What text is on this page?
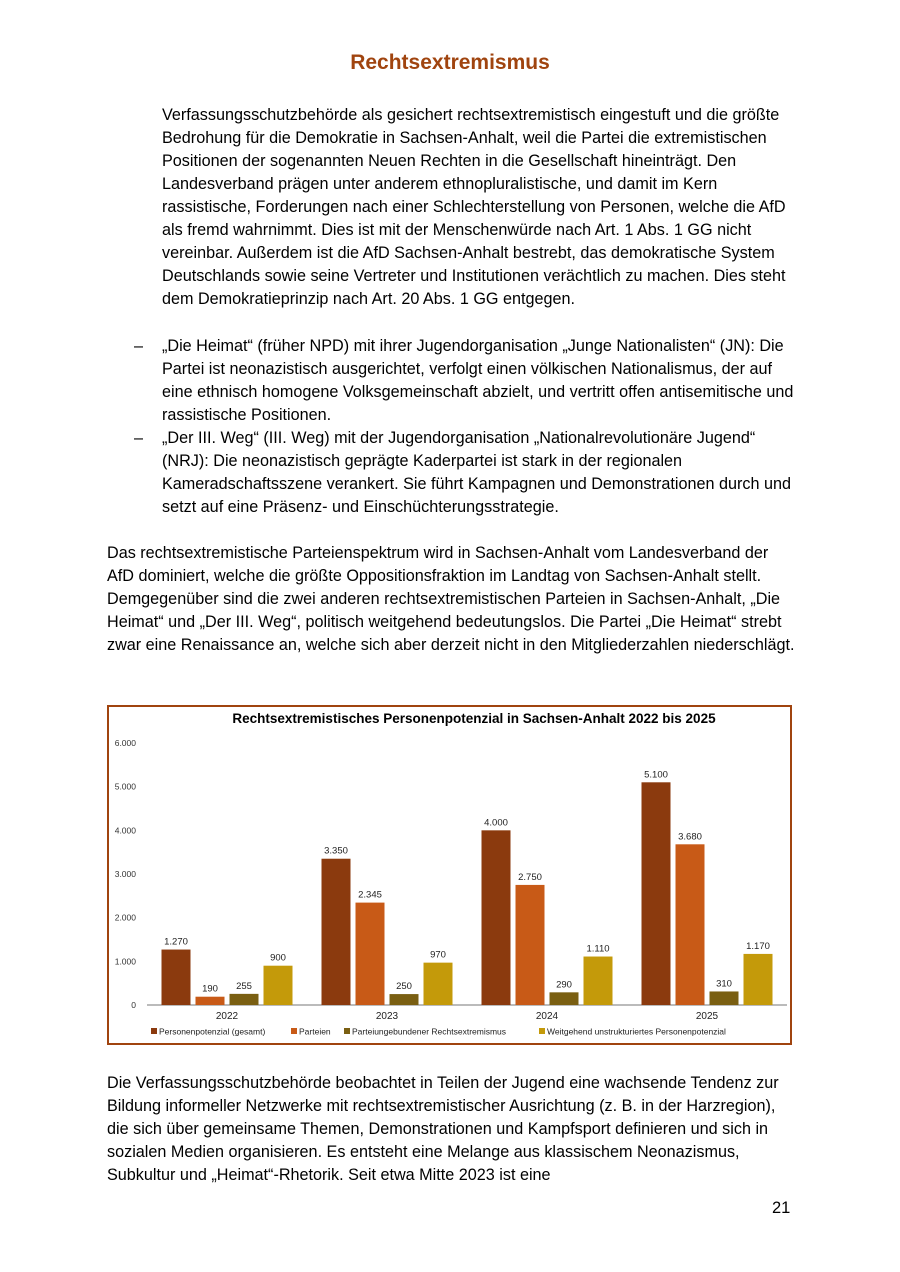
Rechtsextremismus

Verfassungsschutzbehörde als gesichert rechtsextremistisch eingestuft und die größte Bedrohung für die Demokratie in Sachsen-Anhalt, weil die Partei die extremistischen Positionen der sogenannten Neuen Rechten in die Gesellschaft hineinträgt. Den Landesverband prägen unter anderem ethnopluralistische, und damit im Kern rassistische, Forderungen nach einer Schlechterstellung von Personen, welche die AfD als fremd wahrnimmt. Dies ist mit der Menschenwürde nach Art. 1 Abs. 1 GG nicht vereinbar. Außerdem ist die AfD Sachsen-Anhalt bestrebt, das demokratische System Deutschlands sowie seine Vertreter und Institutionen verächtlich zu machen. Dies steht dem Demokratieprinzip nach Art. 20 Abs. 1 GG entgegen.

– „Die Heimat“ (früher NPD) mit ihrer Jugendorganisation „Junge Nationalisten“ (JN): Die Partei ist neonazistisch ausgerichtet, verfolgt einen völkischen Nationalismus, der auf eine ethnisch homogene Volksgemeinschaft abzielt, und vertritt offen antisemitische und rassistische Positionen.
– „Der III. Weg“ (III. Weg) mit der Jugendorganisation „Nationalrevolutionäre Jugend“ (NRJ): Die neonazistisch geprägte Kaderpartei ist stark in der regionalen Kameradschaftsszene verankert. Sie führt Kampagnen und Demonstrationen durch und setzt auf eine Präsenz- und Einschüchterungsstrategie.

Das rechtsextremistische Parteienspektrum wird in Sachsen-Anhalt vom Landesverband der AfD dominiert, welche die größte Oppositionsfraktion im Landtag von Sachsen-Anhalt stellt. Demgegenüber sind die zwei anderen rechtsextremistischen Parteien in Sachsen-Anhalt, „Die Heimat“ und „Der III. Weg“, politisch weitgehend bedeutungslos. Die Partei „Die Heimat“ strebt zwar eine Renaissance an, welche sich aber derzeit nicht in den Mitgliederzahlen niederschlägt.

Rechtsextremistisches Personenpotenzial in Sachsen-Anhalt 2022 bis 2025
0
1.000
2.000
3.000
4.000
5.000
6.000
1.270
190 255
900
2022
3.350
2.345
250
970
2023
4.000
2.750
290
1.110
2024
5.100
3.680
310
1.170
2025
Personenpotenzial (gesamt)	Parteien	Parteiungebundener Rechtsextremismus	Weitgehend unstrukturiertes Personenpotenzial

Die Verfassungsschutzbehörde beobachtet in Teilen der Jugend eine wachsende Tendenz zur Bildung informeller Netzwerke mit rechtsextremistischer Ausrichtung (z. B. in der Harzregion), die sich über gemeinsame Themen, Demonstrationen und Kampfsport definieren und sich in sozialen Medien organisieren. Es entsteht eine Melange aus klassischem Neonazismus, Subkultur und „Heimat“-Rhetorik. Seit etwa Mitte 2023 ist eine

21
